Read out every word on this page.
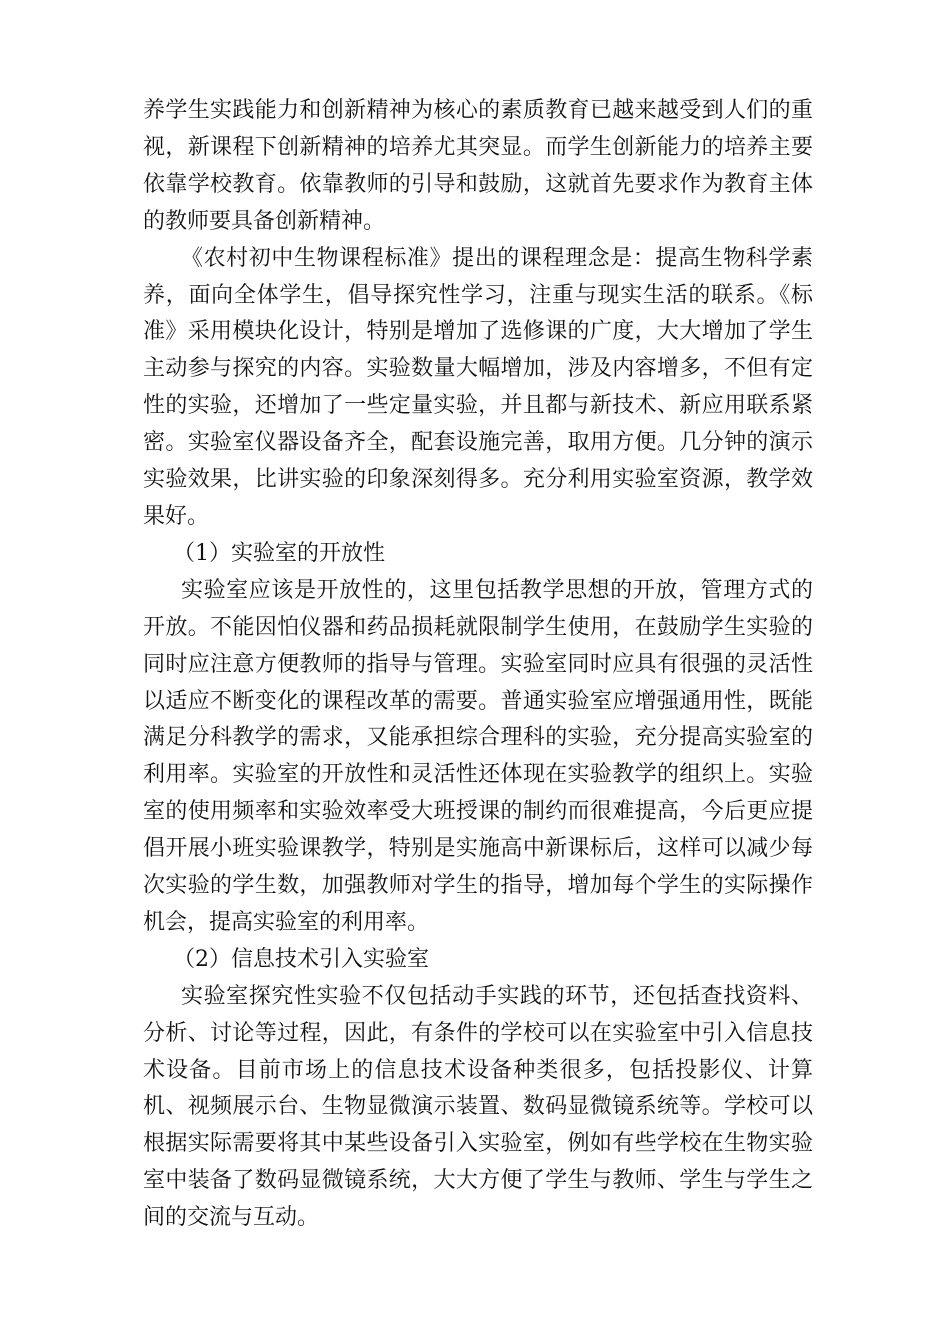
养学生实践能力和创新精神为核心的素质教育已越来越受到人们的重视，新课程下创新精神的培养尤其突显。而学生创新能力的培养主要依靠学校教育。依靠教师的引导和鼓励，这就首先要求作为教育主体的教师要具备创新精神。

《农村初中生物课程标准》提出的课程理念是：提高生物科学素养，面向全体学生，倡导探究性学习，注重与现实生活的联系。《标准》采用模块化设计，特别是增加了选修课的广度，大大增加了学生主动参与探究的内容。实验数量大幅增加，涉及内容增多，不但有定性的实验，还增加了一些定量实验，并且都与新技术、新应用联系紧密。实验室仪器设备齐全，配套设施完善，取用方便。几分钟的演示实验效果，比讲实验的印象深刻得多。充分利用实验室资源，教学效果好。

（1）实验室的开放性

实验室应该是开放性的，这里包括教学思想的开放，管理方式的开放。不能因怕仪器和药品损耗就限制学生使用，在鼓励学生实验的同时应注意方便教师的指导与管理。实验室同时应具有很强的灵活性以适应不断变化的课程改革的需要。普通实验室应增强通用性，既能满足分科教学的需求，又能承担综合理科的实验，充分提高实验室的利用率。实验室的开放性和灵活性还体现在实验教学的组织上。实验室的使用频率和实验效率受大班授课的制约而很难提高，今后更应提倡开展小班实验课教学，特别是实施高中新课标后，这样可以减少每次实验的学生数，加强教师对学生的指导，增加每个学生的实际操作机会，提高实验室的利用率。

（2）信息技术引入实验室

实验室探究性实验不仅包括动手实践的环节，还包括查找资料、分析、讨论等过程，因此，有条件的学校可以在实验室中引入信息技术设备。目前市场上的信息技术设备种类很多，包括投影仪、计算机、视频展示台、生物显微演示装置、数码显微镜系统等。学校可以根据实际需要将其中某些设备引入实验室，例如有些学校在生物实验室中装备了数码显微镜系统，大大方便了学生与教师、学生与学生之间的交流与互动。
